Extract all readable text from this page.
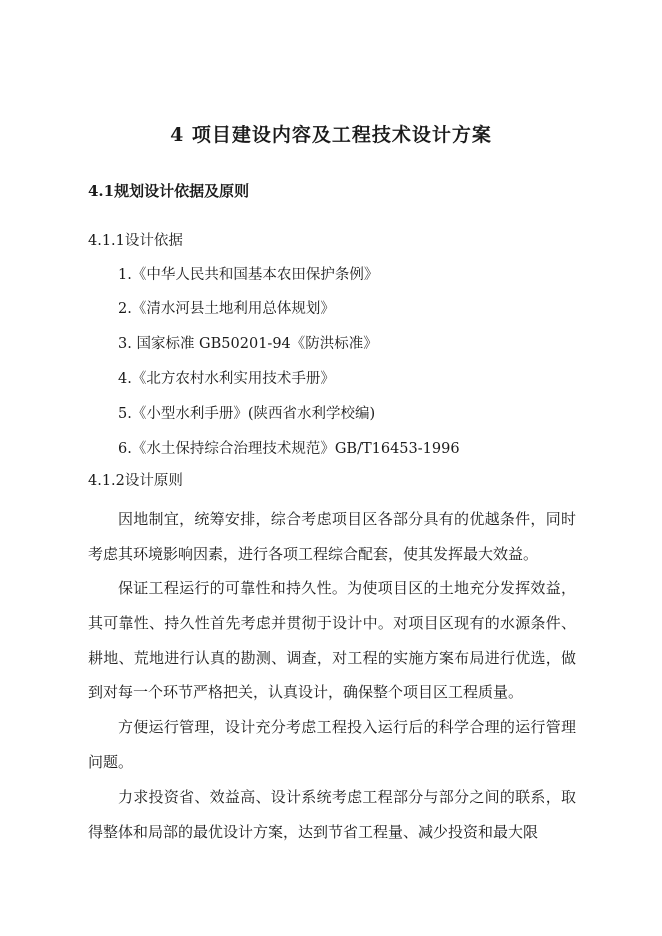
4 项目建设内容及工程技术设计方案
4.1规划设计依据及原则
4.1.1设计依据
1.《中华人民共和国基本农田保护条例》
2.《清水河县土地利用总体规划》
3. 国家标准 GB50201-94《防洪标准》
4.《北方农村水利实用技术手册》
5.《小型水利手册》(陕西省水利学校编)
6.《水土保持综合治理技术规范》GB/T16453-1996
4.1.2设计原则

因地制宜，统筹安排，综合考虑项目区各部分具有的优越条件，同时考虑其环境影响因素，进行各项工程综合配套，使其发挥最大效益。

保证工程运行的可靠性和持久性。为使项目区的土地充分发挥效益，其可靠性、持久性首先考虑并贯彻于设计中。对项目区现有的水源条件、耕地、荒地进行认真的勘测、调查，对工程的实施方案布局进行优选，做到对每一个环节严格把关，认真设计，确保整个项目区工程质量。

方便运行管理，设计充分考虑工程投入运行后的科学合理的运行管理问题。

力求投资省、效益高、设计系统考虑工程部分与部分之间的联系，取得整体和局部的最优设计方案，达到节省工程量、减少投资和最大限
